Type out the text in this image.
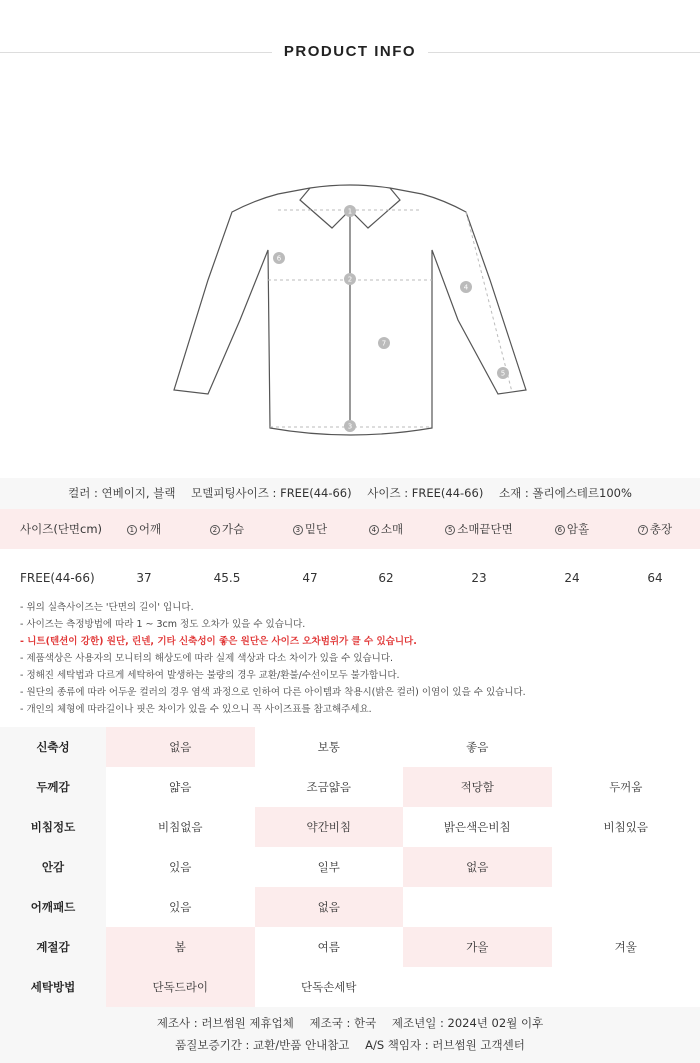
PRODUCT INFO
1
2
3
4
5
6
7
컬러 : 연베이지, 블랙 모델피팅사이즈 : FREE(44-66) 사이즈 : FREE(44-66) 소재 : 폴리에스테르100%
사이즈(단면cm)	1 어깨	2 가슴	3 밑단	4 소매	5 소매끝단면	6 암홀	7 총장
FREE(44-66)	37	45.5	47	62	23	24	64
- 위의 실측사이즈는 '단면의 길이' 입니다.
- 사이즈는 측정방법에 따라 1 ~ 3cm 정도 오차가 있을 수 있습니다.
- 니트(텐션이 강한) 원단, 린넨, 기타 신축성이 좋은 원단은 사이즈 오차범위가 클 수 있습니다.
- 제품색상은 사용자의 모니터의 해상도에 따라 실제 색상과 다소 차이가 있을 수 있습니다.
- 정해진 세탁법과 다르게 세탁하여 발생하는 불량의 경우 교환/환불/수선이모두 불가합니다.
- 원단의 종류에 따라 어두운 컬러의 경우 염색 과정으로 인하여 다른 아이템과 착용시(밝은 컬러) 이염이 있을 수 있습니다.
- 개인의 체형에 따라길이나 핏은 차이가 있을 수 있으니 꼭 사이즈표를 참고해주세요.
신축성	없음	보통	좋음	
두께감	얇음	조금얇음	적당함	두꺼움
비침정도	비침없음	약간비침	밝은색은비침	비침있음
안감	있음	일부	없음	
어깨패드	있음	없음		
계절감	봄	여름	가을	겨울
세탁방법	단독드라이	단독손세탁		
제조사 : 러브썸원 제휴업체 제조국 : 한국 제조년일 : 2024년 02월 이후
품질보증기간 : 교환/반품 안내참고 A/S 책임자 : 러브썸원 고객센터
